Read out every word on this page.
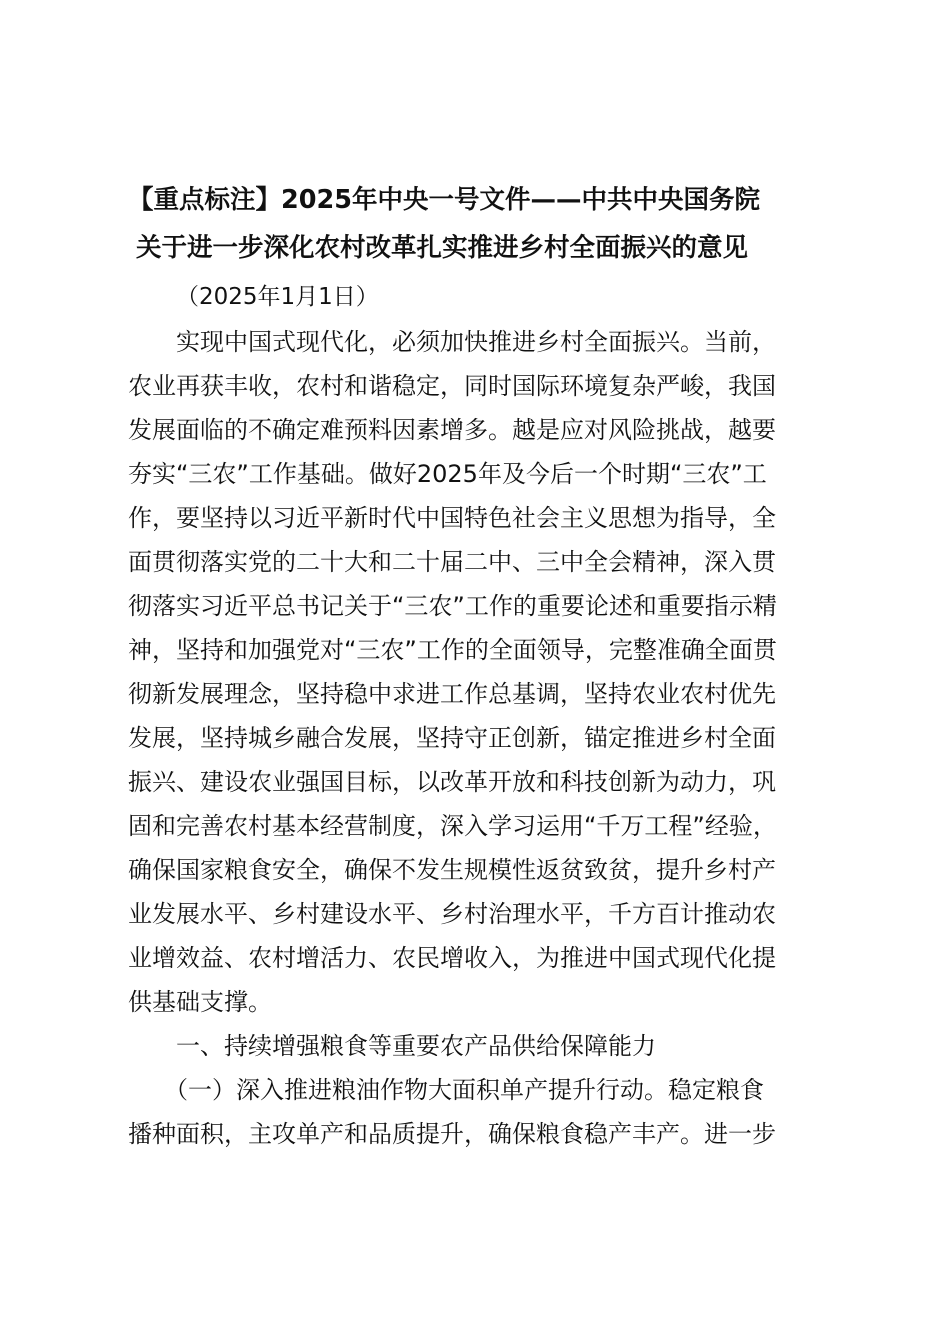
【重点标注】2025年中央一号文件——中共中央国务院
关于进一步深化农村改革扎实推进乡村全面振兴的意见
（2025年1月1日）
　　实现中国式现代化，必须加快推进乡村全面振兴。当前，
农业再获丰收，农村和谐稳定，同时国际环境复杂严峻，我国
发展面临的不确定难预料因素增多。越是应对风险挑战，越要
夯实“三农”工作基础。做好2025年及今后一个时期“三农”工
作，要坚持以习近平新时代中国特色社会主义思想为指导，全
面贯彻落实党的二十大和二十届二中、三中全会精神，深入贯
彻落实习近平总书记关于“三农”工作的重要论述和重要指示精
神，坚持和加强党对“三农”工作的全面领导，完整准确全面贯
彻新发展理念，坚持稳中求进工作总基调，坚持农业农村优先
发展，坚持城乡融合发展，坚持守正创新，锚定推进乡村全面
振兴、建设农业强国目标，以改革开放和科技创新为动力，巩
固和完善农村基本经营制度，深入学习运用“千万工程”经验，
确保国家粮食安全，确保不发生规模性返贫致贫，提升乡村产
业发展水平、乡村建设水平、乡村治理水平，千方百计推动农
业增效益、农村增活力、农民增收入，为推进中国式现代化提
供基础支撑。
　　一、持续增强粮食等重要农产品供给保障能力
　　（一）深入推进粮油作物大面积单产提升行动。稳定粮食
播种面积，主攻单产和品质提升，确保粮食稳产丰产。进一步
